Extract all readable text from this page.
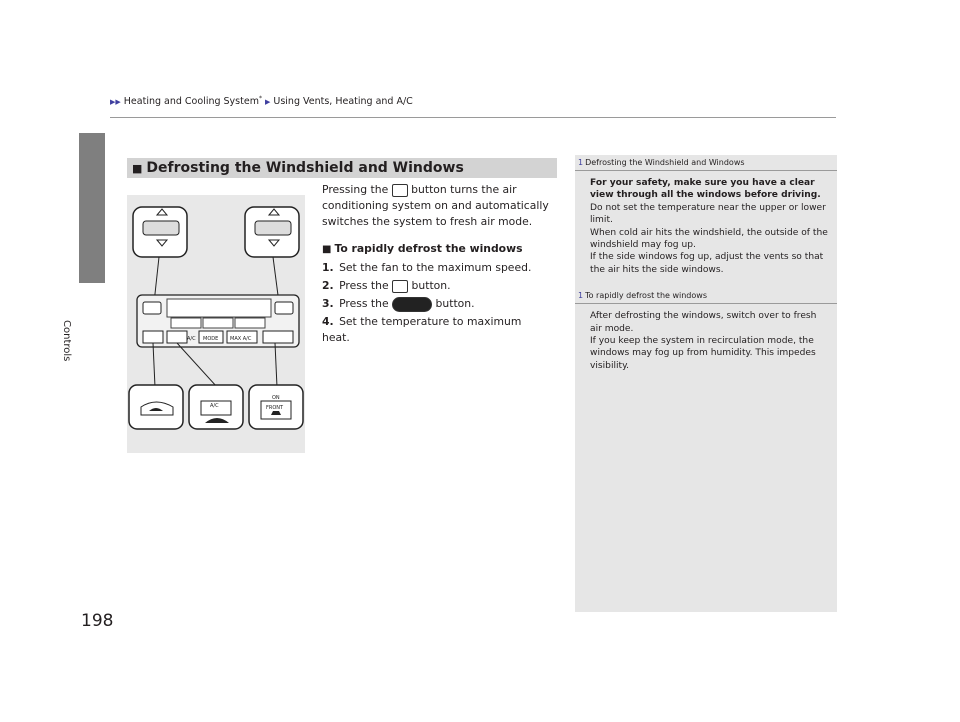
▶▶ Heating and Cooling System* ▶ Using Vents, Heating and A/C
Controls
198
■ Defrosting the Windshield and Windows
A/C MODE MAX A/C
A/C
ON
FRONT

Pressing the button turns the air conditioning system on and automatically switches the system to fresh air mode.

■ To rapidly defrost the windows
1. Set the fan to the maximum speed.
2. Press the button.
3. Press the	button.
4. Set the temperature to maximum heat.
1 Defrosting the Windshield and Windows
For your safety, make sure you have a clear view through all the windows before driving.
Do not set the temperature near the upper or lower limit.
When cold air hits the windshield, the outside of the windshield may fog up.
If the side windows fog up, adjust the vents so that the air hits the side windows.
1 To rapidly defrost the windows
After defrosting the windows, switch over to fresh air mode.
If you keep the system in recirculation mode, the windows may fog up from humidity. This impedes visibility.
